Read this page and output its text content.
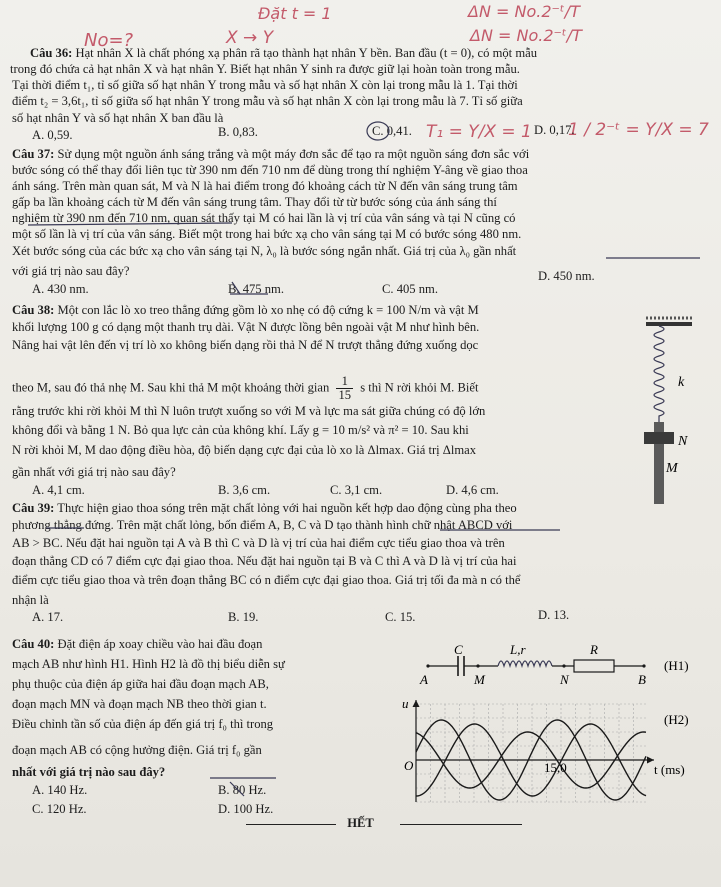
No=?
Đặt t = 1
X → Y
ΔN = No.2⁻ᵗ/T
ΔN = No.2⁻ᵗ/T
T₁ = Y/X = 1 1 / 2⁻ᵗ = Y/X = 7
Câu 36: Hạt nhân X là chất phóng xạ phân rã tạo thành hạt nhân Y bền. Ban đầu (t = 0), có một mẫu
trong đó chứa cả hạt nhân X và hạt nhân Y. Biết hạt nhân Y sinh ra được giữ lại hoàn toàn trong mẫu.
Tại thời điểm t₁, tỉ số giữa số hạt nhân Y trong mẫu và số hạt nhân X còn lại trong mẫu là 1. Tại thời
điểm t₂ = 3,6t₁, tỉ số giữa số hạt nhân Y trong mẫu và số hạt nhân X còn lại trong mẫu là 7. Tỉ số giữa
số hạt nhân Y và số hạt nhân X ban đầu là
A. 0,59.	B. 0,83.	C. 0,41.	D. 0,17.
Câu 37: Sử dụng một nguồn ánh sáng trắng và một máy đơn sắc để tạo ra một nguồn sáng đơn sắc với
bước sóng có thể thay đổi liên tục từ 390 nm đến 710 nm để dùng trong thí nghiệm Y-âng về giao thoa
ánh sáng. Trên màn quan sát, M và N là hai điểm trong đó khoảng cách từ N đến vân sáng trung tâm
gấp ba lần khoảng cách từ M đến vân sáng trung tâm. Thay đổi từ từ bước sóng của ánh sáng thí
nghiệm từ 390 nm đến 710 nm, quan sát thấy tại M có hai lần là vị trí của vân sáng và tại N cũng có
một số lần là vị trí của vân sáng. Biết một trong hai bức xạ cho vân sáng tại M có bước sóng 480 nm.
Xét bước sóng của các bức xạ cho vân sáng tại N, λ₀ là bước sóng ngắn nhất. Giá trị của λ₀ gần nhất
với giá trị nào sau đây?
A. 430 nm.	B. 475 nm.	C. 405 nm.
D. 450 nm.
Câu 38: Một con lắc lò xo treo thẳng đứng gồm lò xo nhẹ có độ cứng k = 100 N/m và vật M
khối lượng 100 g có dạng một thanh trụ dài. Vật N được lồng bên ngoài vật M như hình bên.
Nâng hai vật lên đến vị trí lò xo không biến dạng rồi thả N để N trượt thẳng đứng xuống dọc
theo M, sau đó thả nhẹ M. Sau khi thả M một khoảng thời gian $\frac{1}{15}$ s thì N rời khỏi M. Biết
rằng trước khi rời khỏi M thì N luôn trượt xuống so với M và lực ma sát giữa chúng có độ lớn
không đổi và bằng 1 N. Bỏ qua lực cản của không khí. Lấy g = 10 m/s² và π² = 10. Sau khi
N rời khỏi M, M dao động điều hòa, độ biến dạng cực đại của lò xo là Δlmax. Giá trị Δlmax
gần nhất với giá trị nào sau đây?
A. 4,1 cm.	B. 3,6 cm.	C. 3,1 cm.	D. 4,6 cm.
k
N
M
Câu 39: Thực hiện giao thoa sóng trên mặt chất lỏng với hai nguồn kết hợp dao động cùng pha theo
phương thẳng đứng. Trên mặt chất lỏng, bốn điểm A, B, C và D tạo thành hình chữ nhật ABCD với
AB > BC. Nếu đặt hai nguồn tại A và B thì C và D là vị trí của hai điểm cực tiểu giao thoa và trên
đoạn thẳng CD có 7 điểm cực đại giao thoa. Nếu đặt hai nguồn tại B và C thì A và D là vị trí của hai
điểm cực tiểu giao thoa và trên đoạn thẳng BC có n điểm cực đại giao thoa. Giá trị tối đa mà n có thể
nhận là
A. 17.	B. 19.	C. 15.	D. 13.
Câu 40: Đặt điện áp xoay chiều vào hai đầu đoạn
mạch AB như hình H1. Hình H2 là đồ thị biểu diễn sự
phụ thuộc của điện áp giữa hai đầu đoạn mạch AB,
đoạn mạch MN và đoạn mạch NB theo thời gian t.
Điều chỉnh tần số của điện áp đến giá trị f₀ thì trong
đoạn mạch AB có cộng hưởng điện. Giá trị f₀ gần
nhất với giá trị nào sau đây?
A. 140 Hz.	B. 80 Hz.
C. 120 Hz.	D. 100 Hz.
C	L,r	R
A	M	N	B
(H1)
u
O	15,0	t (ms)
(H2)
HẾT
